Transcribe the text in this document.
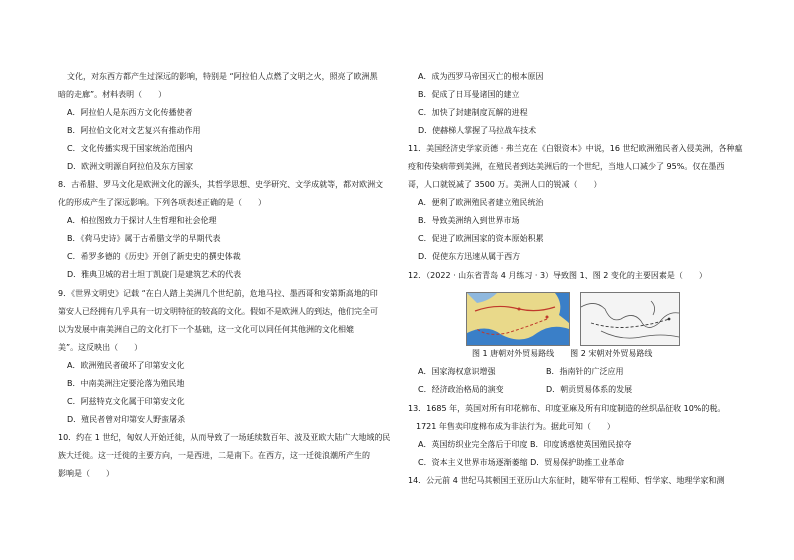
文化，对东西方都产生过深远的影响，特别是 “阿拉伯人点燃了文明之火，照亮了欧洲黑
暗的走廊”。材料表明（　　）
A．阿拉伯人是东西方文化传播使者
B．阿拉伯文化对文艺复兴有推动作用
C．文化传播实现于国家统治范围内
D．欧洲文明源自阿拉伯及东方国家
8．古希腊、罗马文化是欧洲文化的源头，其哲学思想、史学研究、文学成就等，都对欧洲文
化的形成产生了深远影响。下列各项表述正确的是（　　）
A．柏拉图致力于探讨人生哲理和社会伦理
B．《荷马史诗》属于古希腊文学的早期代表
C．希罗多德的《历史》开创了新史史的撰史体裁
D．雅典卫城的君士坦丁凯旋门是建筑艺术的代表
9．《世界文明史》记载 “在白人踏上美洲几个世纪前，危地马拉、墨西哥和安第斯高地的印
第安人已经拥有几乎具有一切文明特征的较高的文化。假如不是欧洲人的到达，他们完全可
以为发展中南美洲自己的文化打下一个基础，这一文化可以同任何其他洲的文化相媲
美”。这反映出（　　）
A．欧洲殖民者破坏了印第安文化
B．中南美洲注定要沦落为殖民地
C．阿兹特克文化属于印第安文化
D．殖民者曾对印第安人野蛮屠杀
10．约在 1 世纪，匈奴人开始迁徙，从而导致了一场延续数百年、波及亚欧大陆广大地域的民
族大迁徙。这一迁徙的主要方向，一是西进，二是南下。在西方，这一迁徙浪潮所产生的
影响是（　　）
A．成为西罗马帝国灭亡的根本原因
B．促成了日耳曼诸国的建立
C．加快了封建制度瓦解的进程
D．使赫梯人掌握了马拉战车技术
11．美国经济史学家贡德 · 弗兰克在《白银资本》中说，16 世纪欧洲殖民者入侵美洲，各种瘟
疫和传染病带到美洲，在殖民者到达美洲后的一个世纪，当地人口减少了 95%。仅在墨西
哥，人口就锐减了 3500 万。美洲人口的锐减（　　）
A．便利了欧洲殖民者建立殖民统治
B．导致美洲纳入到世界市场
C．促进了欧洲国家的资本原始积累
D．促使东方迅速从属于西方
12．（2022 · 山东省青岛 4 月练习 · 3）导致图 1、图 2 变化的主要因素是（　　）
图 1 唐朝对外贸易路线　　图 2 宋朝对外贸易路线
A．国家海权意识增强	B．指南针的广泛应用
C．经济政治格局的演变	D．朝贡贸易体系的发展
13．1685 年，英国对所有印花棉布、印度亚麻及所有印度制造的丝织品征收 10%的税。
1721 年售卖印度棉布成为非法行为。据此可知（　　）
A．英国纺织业完全落后于印度 B．印度诱惑使英国殖民掠夺
C．资本主义世界市场逐渐萎缩 D．贸易保护助推工业革命
14．公元前 4 世纪马其顿国王亚历山大东征时，随军带有工程师、哲学家、地理学家和测
